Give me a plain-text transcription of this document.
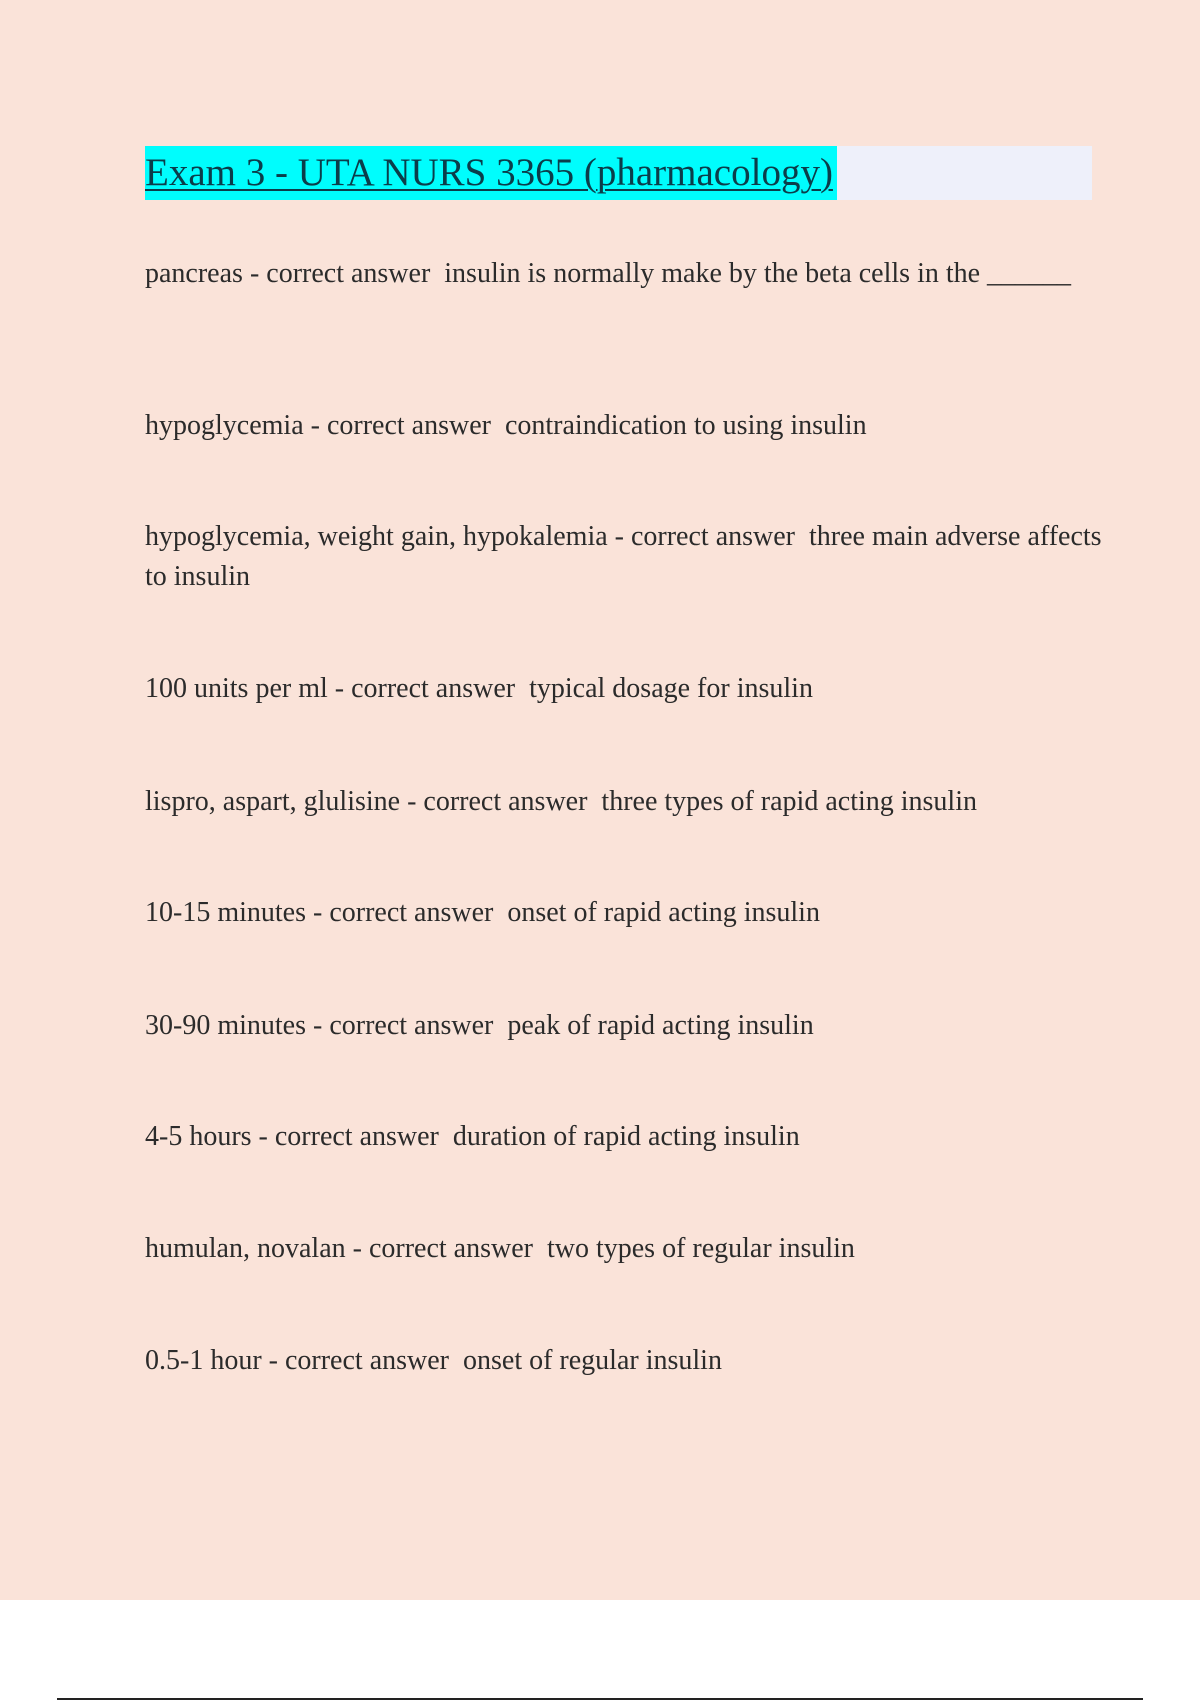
Exam 3 - UTA NURS 3365 (pharmacology)
pancreas - correct answer  insulin is normally make by the beta cells in the ______
hypoglycemia - correct answer  contraindication to using insulin
hypoglycemia, weight gain, hypokalemia - correct answer  three main adverse affects to insulin
100 units per ml - correct answer  typical dosage for insulin
lispro, aspart, glulisine - correct answer  three types of rapid acting insulin
10-15 minutes - correct answer  onset of rapid acting insulin
30-90 minutes - correct answer  peak of rapid acting insulin
4-5 hours - correct answer  duration of rapid acting insulin
humulan, novalan - correct answer  two types of regular insulin
0.5-1 hour - correct answer  onset of regular insulin
